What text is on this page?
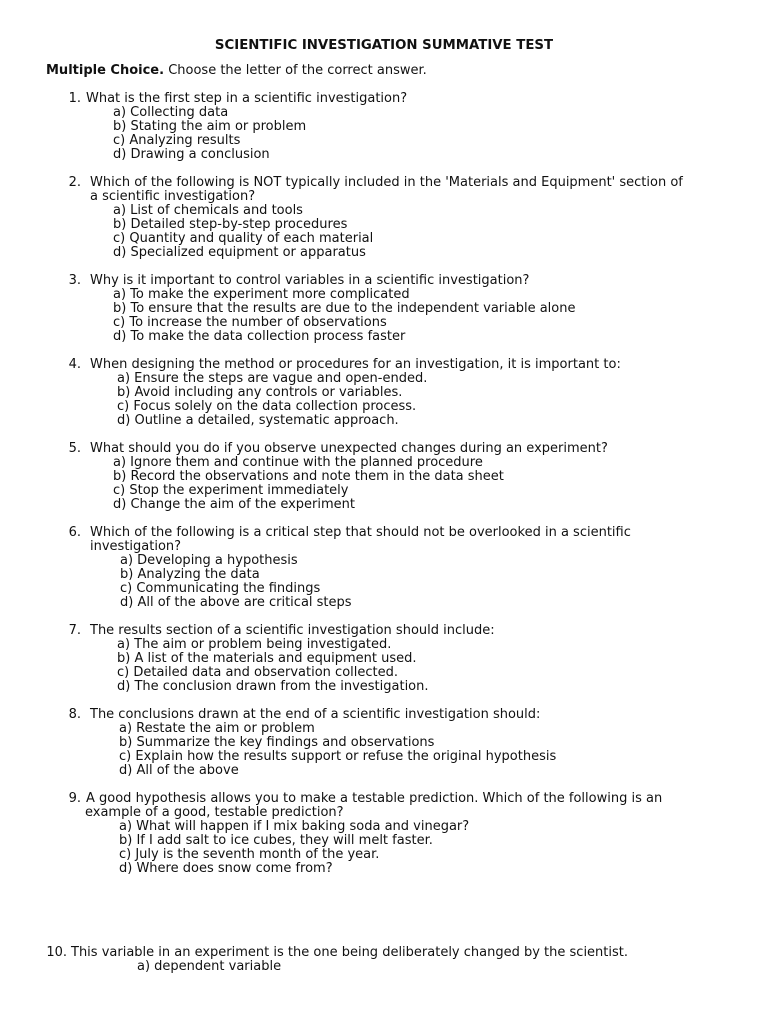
SCIENTIFIC INVESTIGATION SUMMATIVE TEST
Multiple Choice. Choose the letter of the correct answer.
1. What is the first step in a scientific investigation?
a) Collecting data
b) Stating the aim or problem
c) Analyzing results
d) Drawing a conclusion
2. Which of the following is NOT typically included in the 'Materials and Equipment' section of
a scientific investigation?
a) List of chemicals and tools
b) Detailed step-by-step procedures
c) Quantity and quality of each material
d) Specialized equipment or apparatus
3. Why is it important to control variables in a scientific investigation?
a) To make the experiment more complicated
b) To ensure that the results are due to the independent variable alone
c) To increase the number of observations
d) To make the data collection process faster
4. When designing the method or procedures for an investigation, it is important to:
a) Ensure the steps are vague and open-ended.
b) Avoid including any controls or variables.
c) Focus solely on the data collection process.
d) Outline a detailed, systematic approach.
5. What should you do if you observe unexpected changes during an experiment?
a) Ignore them and continue with the planned procedure
b) Record the observations and note them in the data sheet
c) Stop the experiment immediately
d) Change the aim of the experiment
6. Which of the following is a critical step that should not be overlooked in a scientific
investigation?
a) Developing a hypothesis
b) Analyzing the data
c) Communicating the findings
d) All of the above are critical steps
7. The results section of a scientific investigation should include:
a) The aim or problem being investigated.
b) A list of the materials and equipment used.
c) Detailed data and observation collected.
d) The conclusion drawn from the investigation.
8. The conclusions drawn at the end of a scientific investigation should:
a) Restate the aim or problem
b) Summarize the key findings and observations
c) Explain how the results support or refuse the original hypothesis
d) All of the above
9. A good hypothesis allows you to make a testable prediction. Which of the following is an
example of a good, testable prediction?
a) What will happen if I mix baking soda and vinegar?
b) If I add salt to ice cubes, they will melt faster.
c) July is the seventh month of the year.
d) Where does snow come from?
10. This variable in an experiment is the one being deliberately changed by the scientist.
a) dependent variable
